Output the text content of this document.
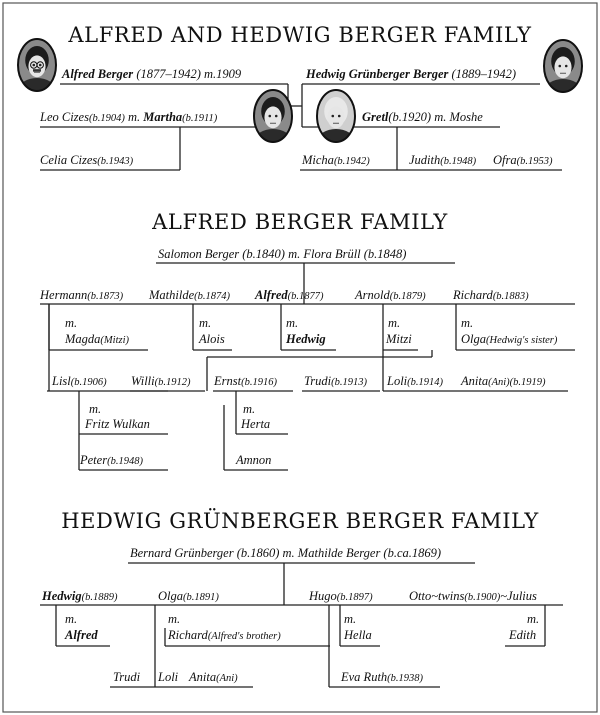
ALFRED AND HEDWIG BERGER FAMILY
ALFRED BERGER FAMILY
HEDWIG GRÜNBERGER BERGER FAMILY
Alfred Berger (1877–1942) m.1909	Hedwig Grünberger Berger (1889–1942)
Leo Cizes(b.1904) m. Martha(b.1911)	Gretl(b.1920) m. Moshe
Celia Cizes(b.1943)	Micha(b.1942)	Judith(b.1948) Ofra(b.1953)
Salomon Berger (b.1840) m. Flora Brüll (b.1848)
Hermann(b.1873) Mathilde(b.1874) Alfred(b.1877)	Arnold(b.1879) Richard(b.1883)
m.
Magda(Mitzi)
m.
Alois
m.
Hedwig
m.
Mitzi
m.
Olga(Hedwig's sister)
Lisl(b.1906) Willi(b.1912) Ernst(b.1916) Trudi(b.1913) Loli(b.1914) Anita(Ani)(b.1919)
m.
Fritz Wulkan
m.
Herta
Peter(b.1948)	Amnon
Bernard Grünberger (b.1860) m. Mathilde Berger (b.ca.1869)
Hedwig(b.1889)	Olga(b.1891)	Hugo(b.1897)	Otto~twins(b.1900)~Julius
m.
Alfred
m.
Richard(Alfred's brother)
m.
Hella
m.
Edith
Trudi Loli Anita(Ani)	Eva Ruth(b.1938)
